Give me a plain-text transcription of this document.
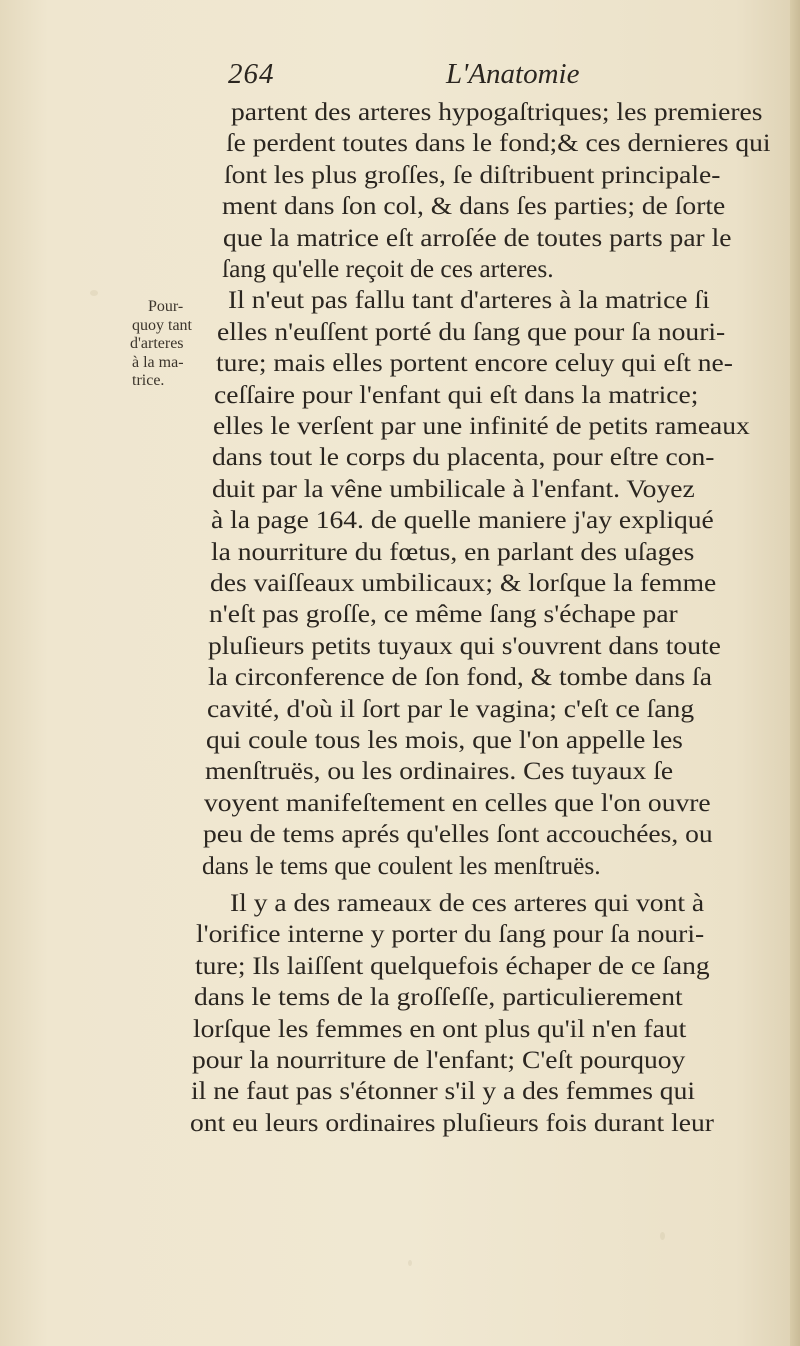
264	L'Anatomie
Pour-
quoy tant
d'arteres
à la ma-
trice.
partent des arteres hypogaſtriques; les premieres
ſe perdent toutes dans le fond;& ces dernieres qui
ſont les plus groſſes, ſe diſtribuent principale-
ment dans ſon col, & dans ſes parties; de ſorte
que la matrice eſt arroſée de toutes parts par le
ſang qu'elle reçoit de ces arteres.
Il n'eut pas fallu tant d'arteres à la matrice ſi
elles n'euſſent porté du ſang que pour ſa nouri-
ture; mais elles portent encore celuy qui eſt ne-
ceſſaire pour l'enfant qui eſt dans la matrice;
elles le verſent par une infinité de petits rameaux
dans tout le corps du placenta, pour eſtre con-
duit par la vêne umbilicale à l'enfant. Voyez
à la page 164. de quelle maniere j'ay expliqué
la nourriture du fœtus, en parlant des uſages
des vaiſſeaux umbilicaux; & lorſque la femme
n'eſt pas groſſe, ce même ſang s'échape par
pluſieurs petits tuyaux qui s'ouvrent dans toute
la circonference de ſon fond, & tombe dans ſa
cavité, d'où il ſort par le vagina; c'eſt ce ſang
qui coule tous les mois, que l'on appelle les
menſtruës, ou les ordinaires. Ces tuyaux ſe
voyent manifeſtement en celles que l'on ouvre
peu de tems aprés qu'elles ſont accouchées, ou
dans le tems que coulent les menſtruës.
Il y a des rameaux de ces arteres qui vont à
l'orifice interne y porter du ſang pour ſa nouri-
ture; Ils laiſſent quelquefois échaper de ce ſang
dans le tems de la groſſeſſe, particulierement
lorſque les femmes en ont plus qu'il n'en faut
pour la nourriture de l'enfant; C'eſt pourquoy
il ne faut pas s'étonner s'il y a des femmes qui
ont eu leurs ordinaires pluſieurs fois durant leur
